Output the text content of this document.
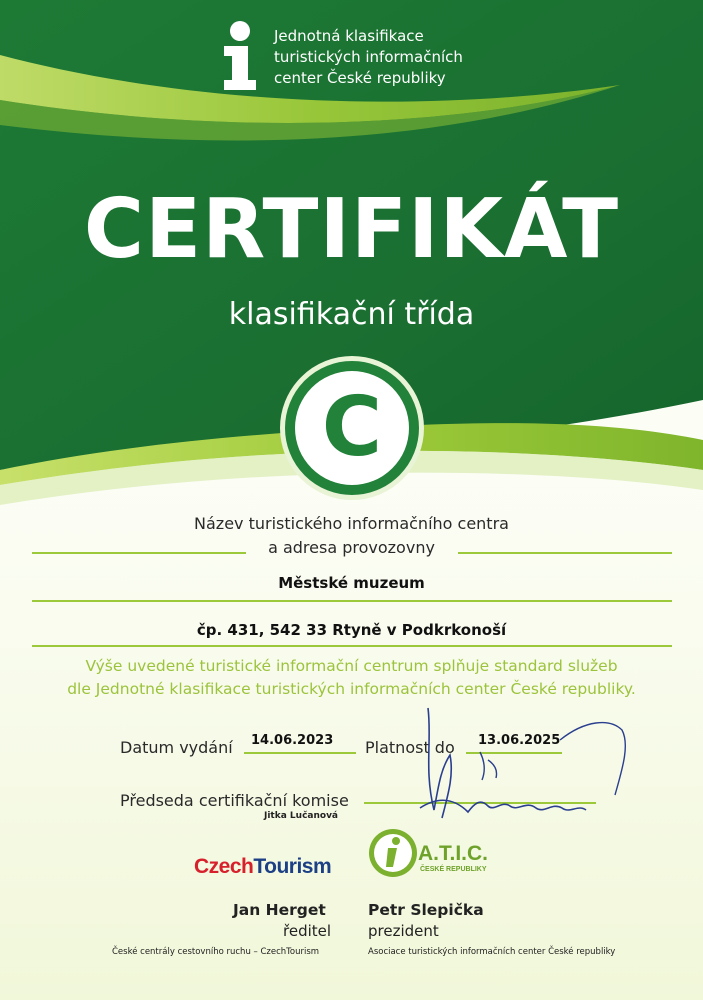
Jednotná klasifikace
turistických informačních
center České republiky
CERTIFIKÁT
klasifikační třída
C
Název turistického informačního centra
a adresa provozovny
Městské muzeum
čp. 431, 542 33 Rtyně v Podkrkonoší
Výše uvedené turistické informační centrum splňuje standard služeb
dle Jednotné klasifikace turistických informačních center České republiky.
Datum vydání 14.06.2023 Platnost do 13.06.2025
Předseda certifikační komise
Jitka Lučanová
CzechTourism
A.T.I.C.
ČESKÉ REPUBLIKY
Jan Herget
ředitel
České centrály cestovního ruchu – CzechTourism
Petr Slepička
prezident
Asociace turistických informačních center České republiky
